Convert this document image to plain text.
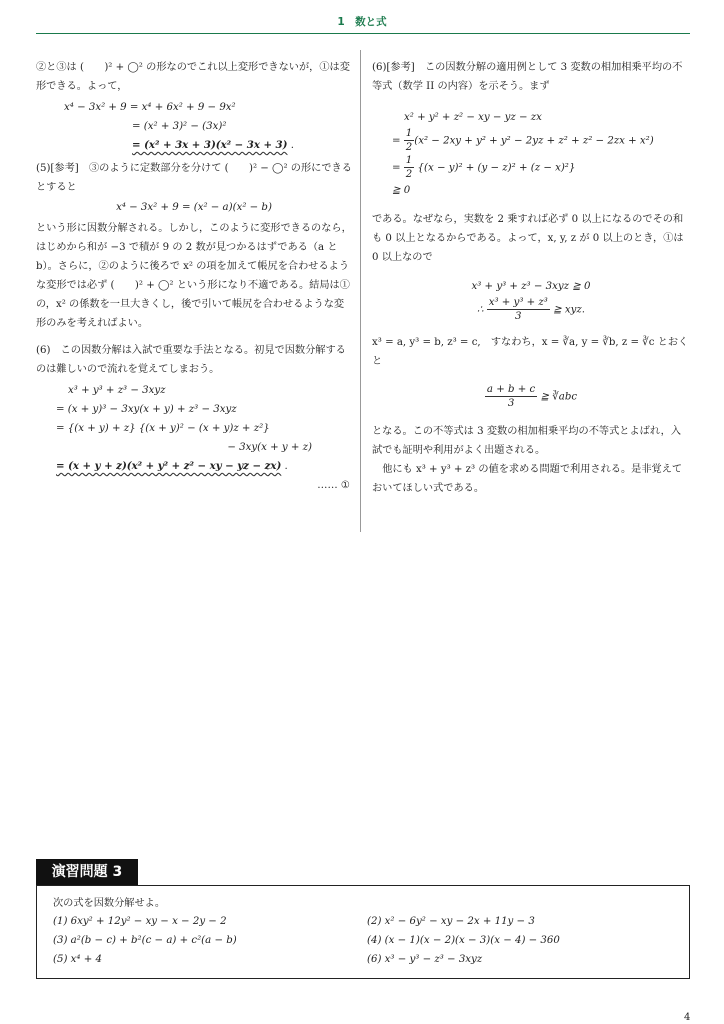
1　数と式

②と③は (　　)² + ◯² の形なのでこれ以上変形できないが，①は変形できる。よって，

x⁴ − 3x² + 9 = x⁴ + 6x² + 9 − 9x²

= (x² + 3)² − (3x)²

= (x² + 3x + 3)(x² − 3x + 3) .

(5)[参考]　③のように定数部分を分けて (　　)² − ◯² の形にできるとすると

x⁴ − 3x² + 9 = (x² − a)(x² − b)

という形に因数分解される。しかし，このように変形できるのなら，はじめから和が −3 で積が 9 の 2 数が見つかるはずである（a と b）。さらに，②のように後ろで x² の項を加えて帳尻を合わせるような変形では必ず (　　)² + ◯² という形になり不適である。結局は①の，x² の係数を一旦大きくし，後で引いて帳尻を合わせるような変形のみを考えればよい。

(6)　この因数分解は入試で重要な手法となる。初見で因数分解するのは難しいので流れを覚えてしまおう。

x³ + y³ + z³ − 3xyz

= (x + y)³ − 3xy(x + y) + z³ − 3xyz

= {(x + y) + z} {(x + y)² − (x + y)z + z²}

− 3xy(x + y + z)

= (x + y + z)(x² + y² + z² − xy − yz − zx) .

…… ①

(6)[参考]　この因数分解の適用例として 3 変数の相加相乗平均の不等式（数学 II の内容）を示そう。まず

x² + y² + z² − xy − yz − zx

= $\frac{1}{2} (x^2 - 2xy + y^2 + y^2 - 2yz + z^2 + z^2 - 2zx + x^2)$

= $\frac{1}{2} \{(x - y)^2 + (y - z)^2 + (z - x)^2\}$

≧ 0

である。なぜなら，実数を 2 乗すれば必ず 0 以上になるのでその和も 0 以上となるからである。よって，x, y, z が 0 以上のとき，①は 0 以上なので

x³ + y³ + z³ − 3xyz ≧ 0

∴ $\frac{\text{x³ + y³ + z³}}{3}$ ≧ xyz.

x³ = a, y³ = b, z³ = c,　すなわち，x = ∛a, y = ∛b, z = ∛c とおくと

$\frac{a + b + c}{3}$ ≧ ∛abc

となる。この不等式は 3 変数の相加相乗平均の不等式とよばれ，入試でも証明や利用がよく出題される。

他にも x³ + y³ + z³ の値を求める問題で利用される。是非覚えておいてほしい式である。

演習問題 3
次の式を因数分解せよ。
(1) 6xy² + 12y² − xy − x − 2y − 2	(2) x² − 6y² − xy − 2x + 11y − 3
(3) a²(b − c) + b²(c − a) + c²(a − b)	(4) (x − 1)(x − 2)(x − 3)(x − 4) − 360
(5) x⁴ + 4	(6) x³ − y³ − z³ − 3xyz
4
